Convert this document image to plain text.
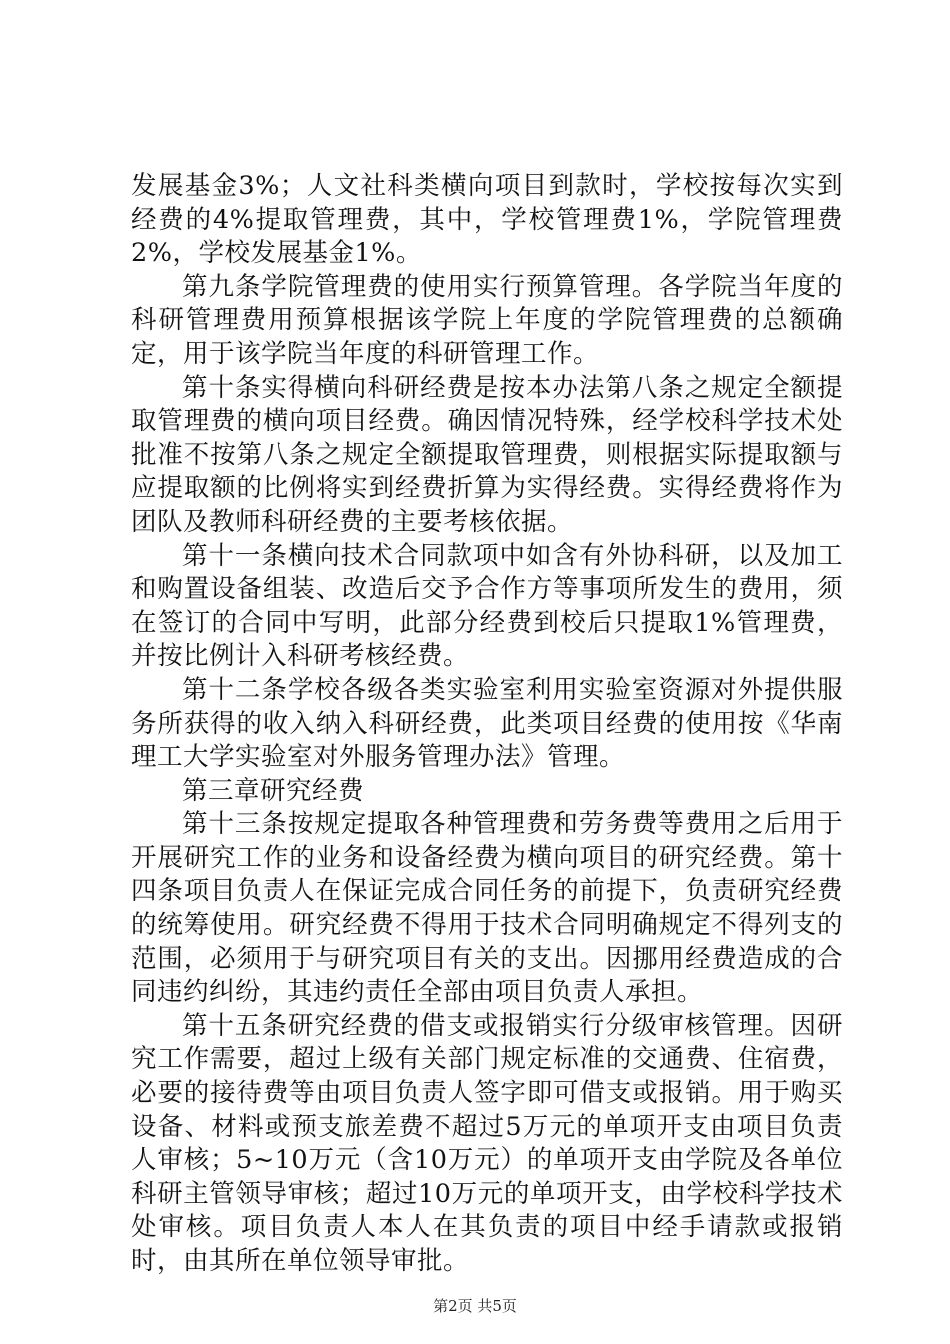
发展基金3%；人文社科类横向项目到款时，学校按每次实到经费的4%提取管理费，其中，学校管理费1%，学院管理费2%，学校发展基金1%。

第九条学院管理费的使用实行预算管理。各学院当年度的科研管理费用预算根据该学院上年度的学院管理费的总额确定，用于该学院当年度的科研管理工作。

第十条实得横向科研经费是按本办法第八条之规定全额提取管理费的横向项目经费。确因情况特殊，经学校科学技术处批准不按第八条之规定全额提取管理费，则根据实际提取额与应提取额的比例将实到经费折算为实得经费。实得经费将作为团队及教师科研经费的主要考核依据。

第十一条横向技术合同款项中如含有外协科研，以及加工和购置设备组装、改造后交予合作方等事项所发生的费用，须在签订的合同中写明，此部分经费到校后只提取1%管理费，并按比例计入科研考核经费。

第十二条学校各级各类实验室利用实验室资源对外提供服务所获得的收入纳入科研经费，此类项目经费的使用按《华南理工大学实验室对外服务管理办法》管理。

第三章研究经费

第十三条按规定提取各种管理费和劳务费等费用之后用于开展研究工作的业务和设备经费为横向项目的研究经费。第十四条项目负责人在保证完成合同任务的前提下，负责研究经费的统筹使用。研究经费不得用于技术合同明确规定不得列支的范围，必须用于与研究项目有关的支出。因挪用经费造成的合同违约纠纷，其违约责任全部由项目负责人承担。

第十五条研究经费的借支或报销实行分级审核管理。因研究工作需要，超过上级有关部门规定标准的交通费、住宿费，必要的接待费等由项目负责人签字即可借支或报销。用于购买设备、材料或预支旅差费不超过5万元的单项开支由项目负责人审核；5~10万元（含10万元）的单项开支由学院及各单位科研主管领导审核；超过10万元的单项开支，由学校科学技术处审核。项目负责人本人在其负责的项目中经手请款或报销时，由其所在单位领导审批。

第2页 共5页
